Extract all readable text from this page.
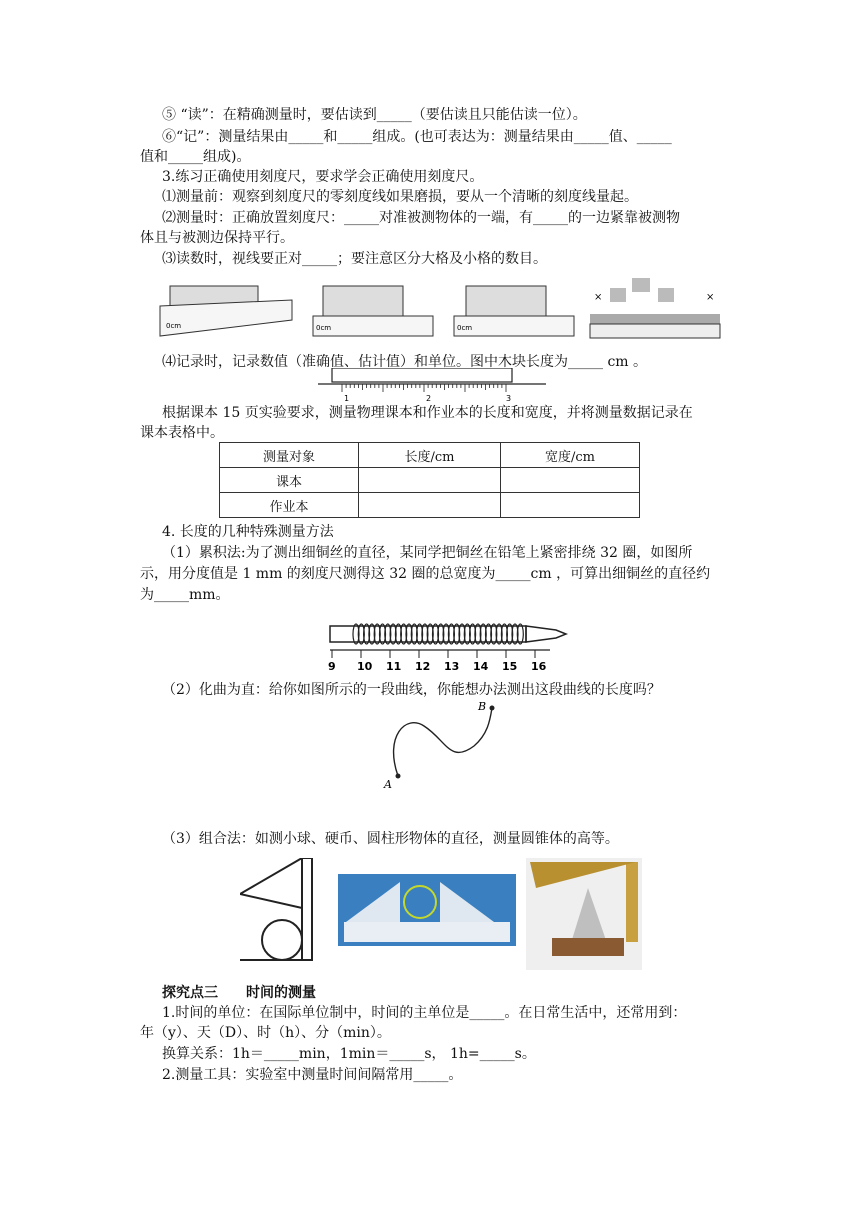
⑤ “读”：在精确测量时，要估读到_____（要估读且只能估读一位）。
⑥“记”：测量结果由_____和_____组成。(也可表达为：测量结果由_____值、_____
值和_____组成)。
3.练习正确使用刻度尺，要求学会正确使用刻度尺。
⑴测量前：观察到刻度尺的零刻度线如果磨损，要从一个清晰的刻度线量起。
⑵测量时：正确放置刻度尺：_____对准被测物体的一端，有_____的一边紧靠被测物
体且与被测边保持平行。
⑶读数时，视线要正对_____；要注意区分大格及小格的数目。
0cm	0cm	0cm
×	×
⑷记录时，记录数值（准确值、估计值）和单位。图中木块长度为_____ cm 。
1	2	3
根据课本 15 页实验要求，测量物理课本和作业本的长度和宽度，并将测量数据记录在
课本表格中。
测量对象	长度/cm	宽度/cm
课本		
作业本		
4. 长度的几种特殊测量方法
（1）累积法:为了测出细铜丝的直径，某同学把铜丝在铅笔上紧密排绕 32 圈，如图所
示，用分度值是 1 mm 的刻度尺测得这 32 圈的总宽度为_____cm ，可算出细铜丝的直径约
为_____mm。
9 10 11 12 13 14 15 16
（2）化曲为直：给你如图所示的一段曲线，你能想办法测出这段曲线的长度吗？
A
B
（3）组合法：如测小球、硬币、圆柱形物体的直径，测量圆锥体的高等。
探究点三　　时间的测量
1.时间的单位：在国际单位制中，时间的主单位是_____。在日常生活中，还常用到：
年（y）、天（D）、时（h）、分（min）。
换算关系：1h＝_____min，1min＝_____s， 1h=_____s。
2.测量工具：实验室中测量时间间隔常用_____。
